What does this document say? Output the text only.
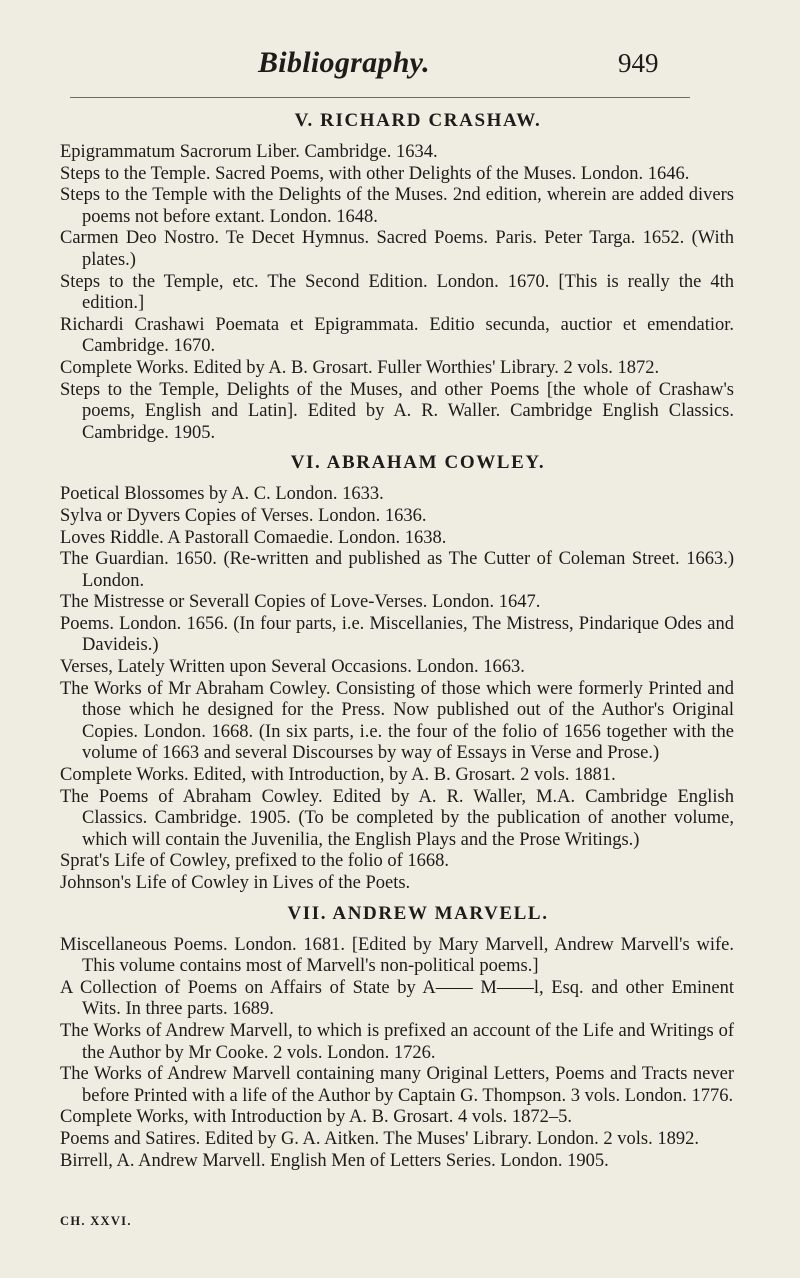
Bibliography.	949
V. RICHARD CRASHAW.

Epigrammatum Sacrorum Liber. Cambridge. 1634.

Steps to the Temple. Sacred Poems, with other Delights of the Muses. London. 1646.

Steps to the Temple with the Delights of the Muses. 2nd edition, wherein are added divers poems not before extant. London. 1648.

Carmen Deo Nostro. Te Decet Hymnus. Sacred Poems. Paris. Peter Targa. 1652. (With plates.)

Steps to the Temple, etc. The Second Edition. London. 1670. [This is really the 4th edition.]

Richardi Crashawi Poemata et Epigrammata. Editio secunda, auctior et emendatior. Cambridge. 1670.

Complete Works. Edited by A. B. Grosart. Fuller Worthies' Library. 2 vols. 1872.

Steps to the Temple, Delights of the Muses, and other Poems [the whole of Crashaw's poems, English and Latin]. Edited by A. R. Waller. Cambridge English Classics. Cambridge. 1905.

VI. ABRAHAM COWLEY.

Poetical Blossomes by A. C. London. 1633.

Sylva or Dyvers Copies of Verses. London. 1636.

Loves Riddle. A Pastorall Comaedie. London. 1638.

The Guardian. 1650. (Re-written and published as The Cutter of Coleman Street. 1663.) London.

The Mistresse or Severall Copies of Love-Verses. London. 1647.

Poems. London. 1656. (In four parts, i.e. Miscellanies, The Mistress, Pindarique Odes and Davideis.)

Verses, Lately Written upon Several Occasions. London. 1663.

The Works of Mr Abraham Cowley. Consisting of those which were formerly Printed and those which he designed for the Press. Now published out of the Author's Original Copies. London. 1668. (In six parts, i.e. the four of the folio of 1656 together with the volume of 1663 and several Discourses by way of Essays in Verse and Prose.)

Complete Works. Edited, with Introduction, by A. B. Grosart. 2 vols. 1881.

The Poems of Abraham Cowley. Edited by A. R. Waller, M.A. Cambridge English Classics. Cambridge. 1905. (To be completed by the publication of another volume, which will contain the Juvenilia, the English Plays and the Prose Writings.)

Sprat's Life of Cowley, prefixed to the folio of 1668.

Johnson's Life of Cowley in Lives of the Poets.

VII. ANDREW MARVELL.

Miscellaneous Poems. London. 1681. [Edited by Mary Marvell, Andrew Marvell's wife. This volume contains most of Marvell's non-political poems.]

A Collection of Poems on Affairs of State by A—— M——l, Esq. and other Eminent Wits. In three parts. 1689.

The Works of Andrew Marvell, to which is prefixed an account of the Life and Writings of the Author by Mr Cooke. 2 vols. London. 1726.

The Works of Andrew Marvell containing many Original Letters, Poems and Tracts never before Printed with a life of the Author by Captain G. Thompson. 3 vols. London. 1776.

Complete Works, with Introduction by A. B. Grosart. 4 vols. 1872–5.

Poems and Satires. Edited by G. A. Aitken. The Muses' Library. London. 2 vols. 1892.

Birrell, A. Andrew Marvell. English Men of Letters Series. London. 1905.

CH. XXVI.
